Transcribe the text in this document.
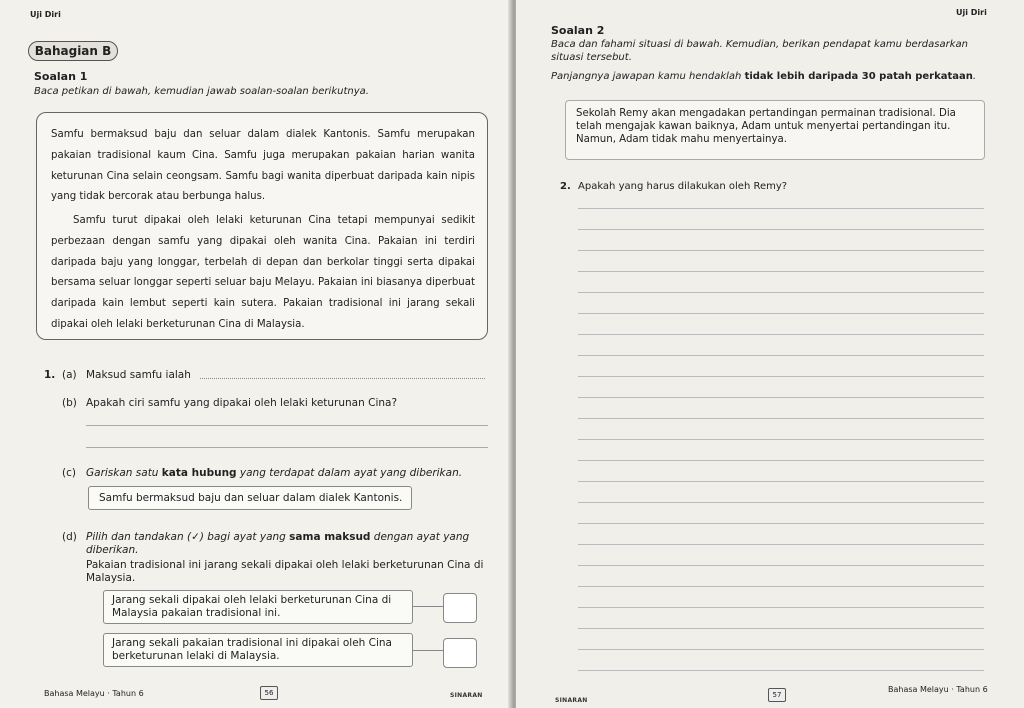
Uji Diri
Bahagian B
Soalan 1
Baca petikan di bawah, kemudian jawab soalan-soalan berikutnya.

Samfu bermaksud baju dan seluar dalam dialek Kantonis. Samfu merupakan pakaian tradisional kaum Cina. Samfu juga merupakan pakaian harian wanita keturunan Cina selain ceongsam. Samfu bagi wanita diperbuat daripada kain nipis yang tidak bercorak atau berbunga halus.

Samfu turut dipakai oleh lelaki keturunan Cina tetapi mempunyai sedikit perbezaan dengan samfu yang dipakai oleh wanita Cina. Pakaian ini terdiri daripada baju yang longgar, terbelah di depan dan berkolar tinggi serta dipakai bersama seluar longgar seperti seluar baju Melayu. Pakaian ini biasanya diperbuat daripada kain lembut seperti kain sutera. Pakaian tradisional ini jarang sekali dipakai oleh lelaki berketurunan Cina di Malaysia.

1. (a) Maksud samfu ialah
(b) Apakah ciri samfu yang dipakai oleh lelaki keturunan Cina?
(c) Gariskan satu kata hubung yang terdapat dalam ayat yang diberikan.
Samfu bermaksud baju dan seluar dalam dialek Kantonis.
(d) Pilih dan tandakan (✓) bagi ayat yang sama maksud dengan ayat yang
diberikan.
Pakaian tradisional ini jarang sekali dipakai oleh lelaki berketurunan Cina di Malaysia.
Jarang sekali dipakai oleh lelaki berketurunan Cina di Malaysia pakaian tradisional ini.
Jarang sekali pakaian tradisional ini dipakai oleh Cina berketurunan lelaki di Malaysia.
Bahasa Melayu · Tahun 6	56	SINARAN
Uji Diri
Soalan 2
Baca dan fahami situasi di bawah. Kemudian, berikan pendapat kamu berdasarkan situasi tersebut.
Panjangnya jawapan kamu hendaklah tidak lebih daripada 30 patah perkataan.
Sekolah Remy akan mengadakan pertandingan permainan tradisional. Dia telah mengajak kawan baiknya, Adam untuk menyertai pertandingan itu. Namun, Adam tidak mahu menyertainya.
2. Apakah yang harus dilakukan oleh Remy?
SINARAN
57
Bahasa Melayu · Tahun 6
